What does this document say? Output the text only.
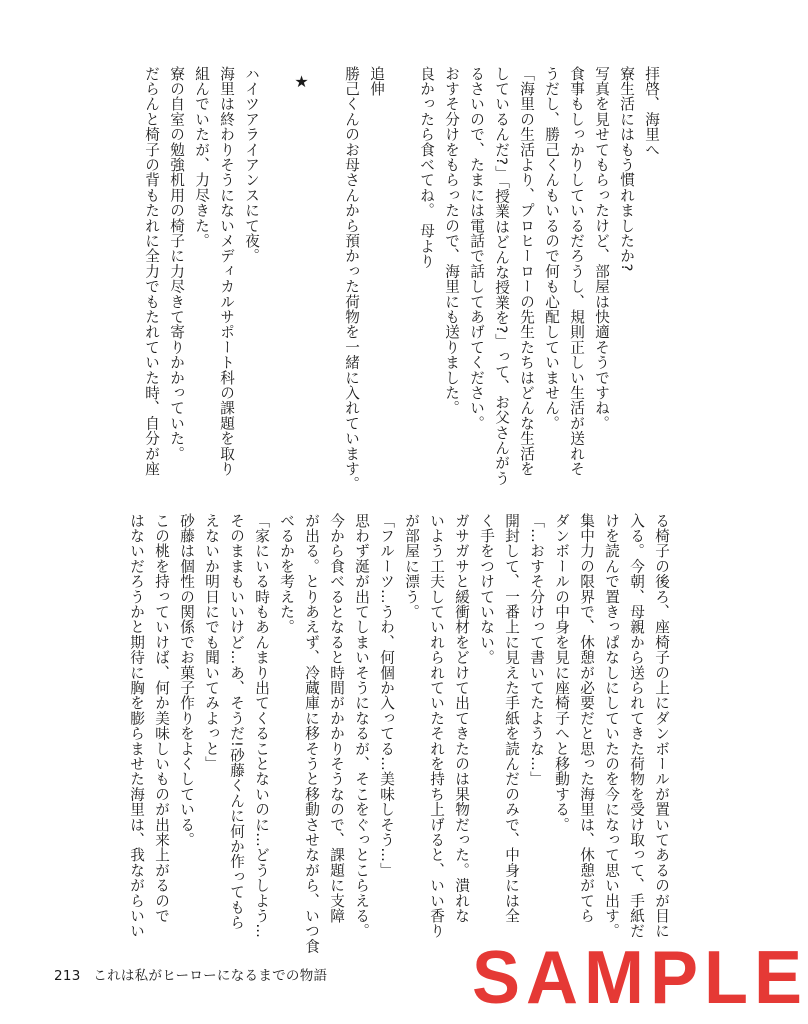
拝啓、海里へ
寮生活にはもう慣れましたか?
写真を見せてもらったけど、部屋は快適そうですね。
食事もしっかりしているだろうし、規則正しい生活が送れそ
うだし、勝己くんもいるので何も心配していません。
「海里の生活より、プロヒーローの先生たちはどんな生活を
しているんだ?」「授業はどんな授業を?」って、お父さんがう
るさいので、たまには電話で話してあげてください。
おすそ分けをもらったので、海里にも送りました。
良かったら食べてね。 母より

追伸
勝己くんのお母さんから預かった荷物を一緒に入れています。

★

ハイツアライアンスにて夜。
海里は終わりそうにないメディカルサポート科の課題を取り
組んでいたが、力尽きた。
寮の自室の勉強机用の椅子に力尽きて寄りかかっていた。
だらんと椅子の背もたれに全力でもたれていた時、自分が座
る椅子の後ろ、座椅子の上にダンボールが置いてあるのが目に
入る。今朝、母親から送られてきた荷物を受け取って、手紙だ
けを読んで置きっぱなしにしていたのを今になって思い出す。
集中力の限界で、休憩が必要だと思った海里は、休憩がてら
ダンボールの中身を見に座椅子へと移動する。
「…おすそ分けって書いてたような…」
開封して、一番上に見えた手紙を読んだのみで、中身には全
く手をつけていない。
ガサガサと緩衝材をどけて出てきたのは果物だった。潰れな
いよう工夫していれられていたそれを持ち上げると、いい香り
が部屋に漂う。
「フルーツ…うわ、何個か入ってる…美味しそう…」
思わず涎が出てしまいそうになるが、そこをぐっとこらえる。
今から食べるとなると時間がかかりそうなので、課題に支障
が出る。とりあえず、冷蔵庫に移そうと移動させながら、いつ食
べるかを考えた。
「家にいる時もあんまり出てくることないのに…どうしよう…
そのままもいいけど…あ、そうだ!砂藤くんに何か作ってもら
えないか明日にでも聞いてみよっと」
砂藤は個性の関係でお菓子作りをよくしている。
この桃を持っていけば、何か美味しいものが出来上がるので
はないだろうかと期待に胸を膨らませた海里は、我ながらいい
213 これは私がヒーローになるまでの物語 SAMPLE
